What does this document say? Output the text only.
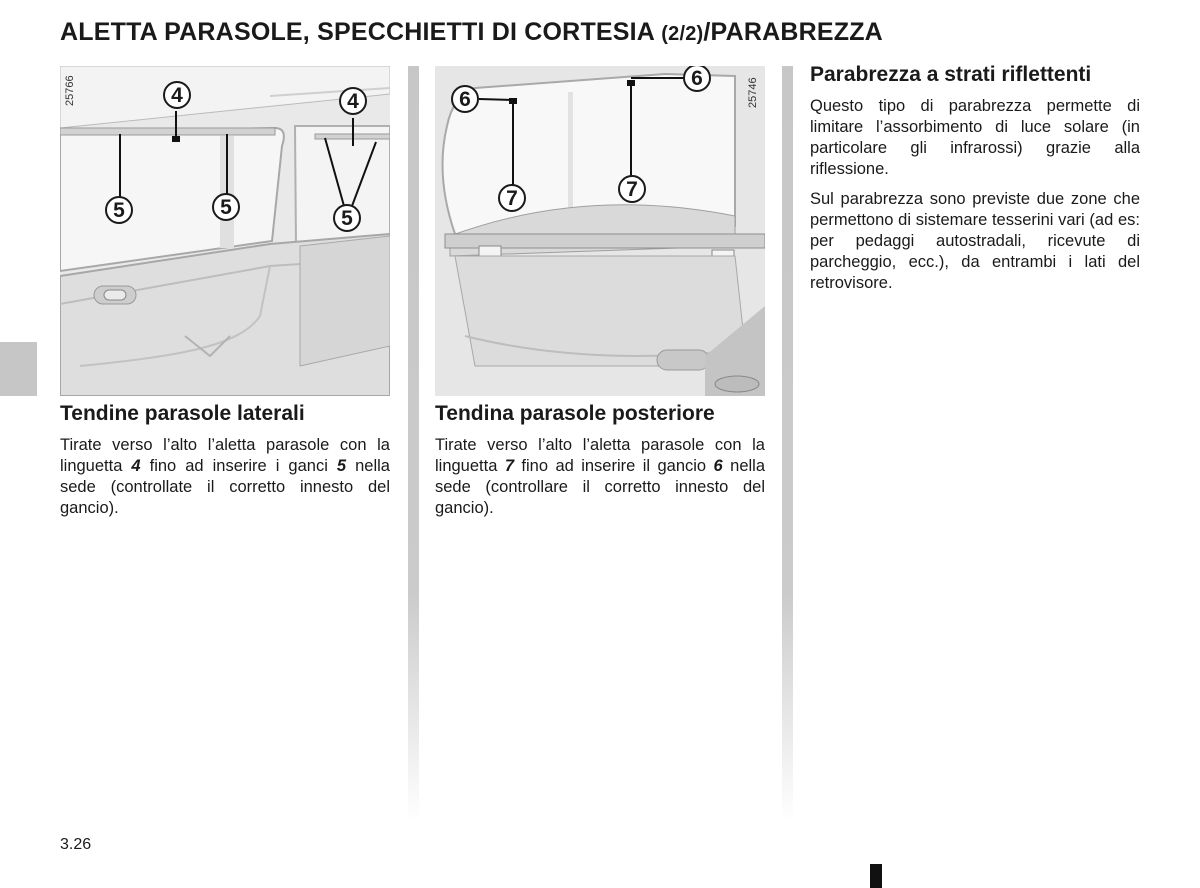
ALETTA PARASOLE, SPECCHIETTI DI CORTESIA (2/2)/PARABREZZA
25766	4	4
5	5	5
25746
6
6
7	7
Tendine parasole laterali

Tirate verso l’alto l’aletta parasole con la linguetta 4 fino ad inserire i ganci 5 nella sede (controllate il corretto innesto del gancio).

Tendina parasole posteriore

Tirate verso l’alto l’aletta parasole con la linguetta 7 fino ad inserire il gancio 6 nella sede (controllare il corretto innesto del gancio).

Parabrezza a strati riflettenti

Questo tipo di parabrezza permette di limitare l’assorbimento di luce solare (in particolare gli infrarossi) grazie alla riflessione.

Sul parabrezza sono previste due zone che permettono di sistemare tesserini vari (ad es: per pedaggi autostradali, ricevute di parcheggio, ecc.), da entrambi i lati del retrovisore.

3.26
